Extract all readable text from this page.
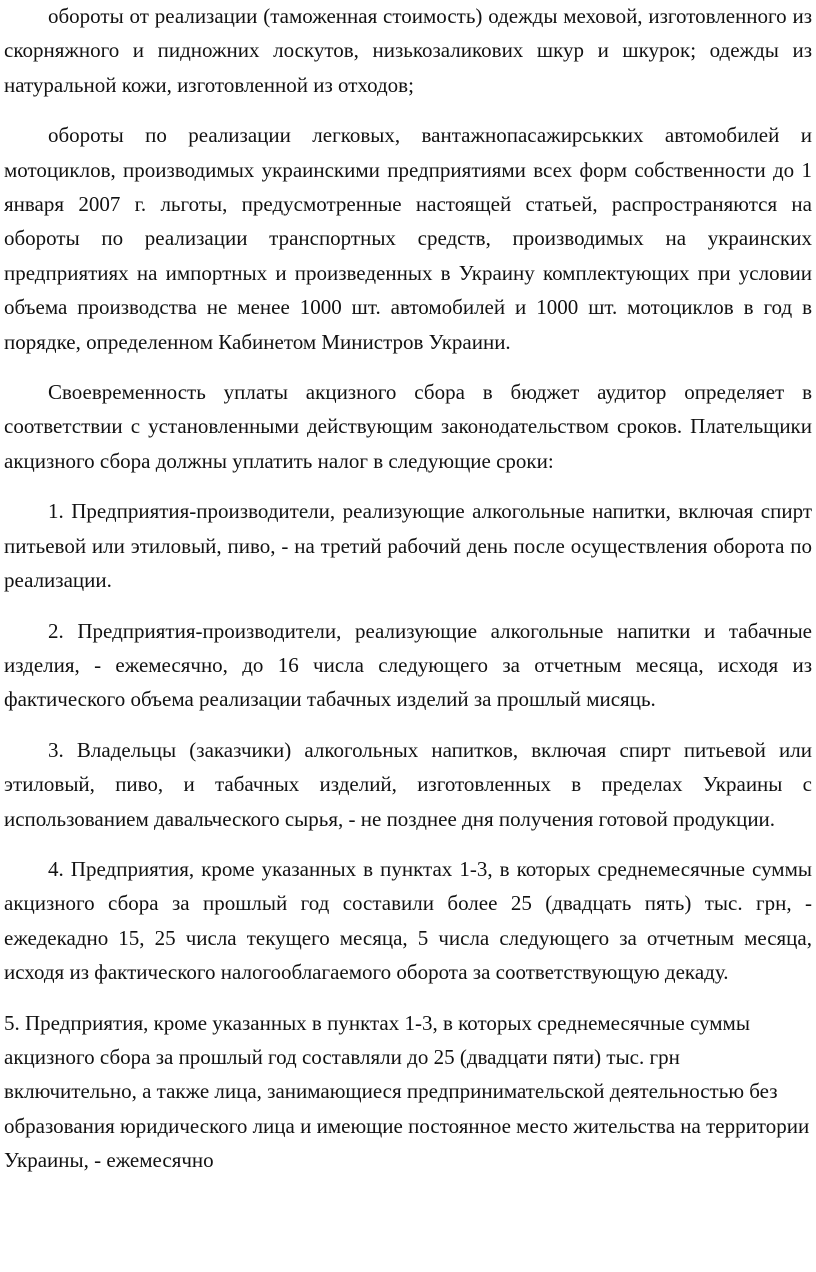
обороты от реализации (таможенная стоимость) одежды меховой, изготовленного из скорняжного и пидножних лоскутов, низькозаликових шкур и шкурок; одежды из натуральной кожи, изготовленной из отходов;

обороты по реализации легковых, вантажнопасажирськких автомобилей и мотоциклов, производимых украинскими предприятиями всех форм собственности до 1 января 2007 г. льготы, предусмотренные настоящей статьей, распространяются на обороты по реализации транспортных средств, производимых на украинских предприятиях на импортных и произведенных в Украину комплектующих при условии объема производства не менее 1000 шт. автомобилей и 1000 шт. мотоциклов в год в порядке, определенном Кабинетом Министров Украини.

Своевременность уплаты акцизного сбора в бюджет аудитор определяет в соответствии с установленными действующим законодательством сроков. Плательщики акцизного сбора должны уплатить налог в следующие сроки:

1. Предприятия-производители, реализующие алкогольные напитки, включая спирт питьевой или этиловый, пиво, - на третий рабочий день после осуществления оборота по реализации.

2. Предприятия-производители, реализующие алкогольные напитки и табачные изделия, - ежемесячно, до 16 числа следующего за отчетным месяца, исходя из фактического объема реализации табачных изделий за прошлый мисяць.

3. Владельцы (заказчики) алкогольных напитков, включая спирт питьевой или этиловый, пиво, и табачных изделий, изготовленных в пределах Украины с использованием давальческого сырья, - не позднее дня получения готовой продукции.

4. Предприятия, кроме указанных в пунктах 1-3, в которых среднемесячные суммы акцизного сбора за прошлый год составили более 25 (двадцать пять) тыс. грн, - ежедекадно 15, 25 числа текущего месяца, 5 числа следующего за отчетным месяца, исходя из фактического налогооблагаемого оборота за соответствующую декаду.

5. Предприятия, кроме указанных в пунктах 1-3, в которых среднемесячные суммы акцизного сбора за прошлый год составляли до 25 (двадцати пяти) тыс. грн включительно, а также лица, занимающиеся предпринимательской деятельностью без образования юридического лица и имеющие постоянное место жительства на территории Украины, - ежемесячно
